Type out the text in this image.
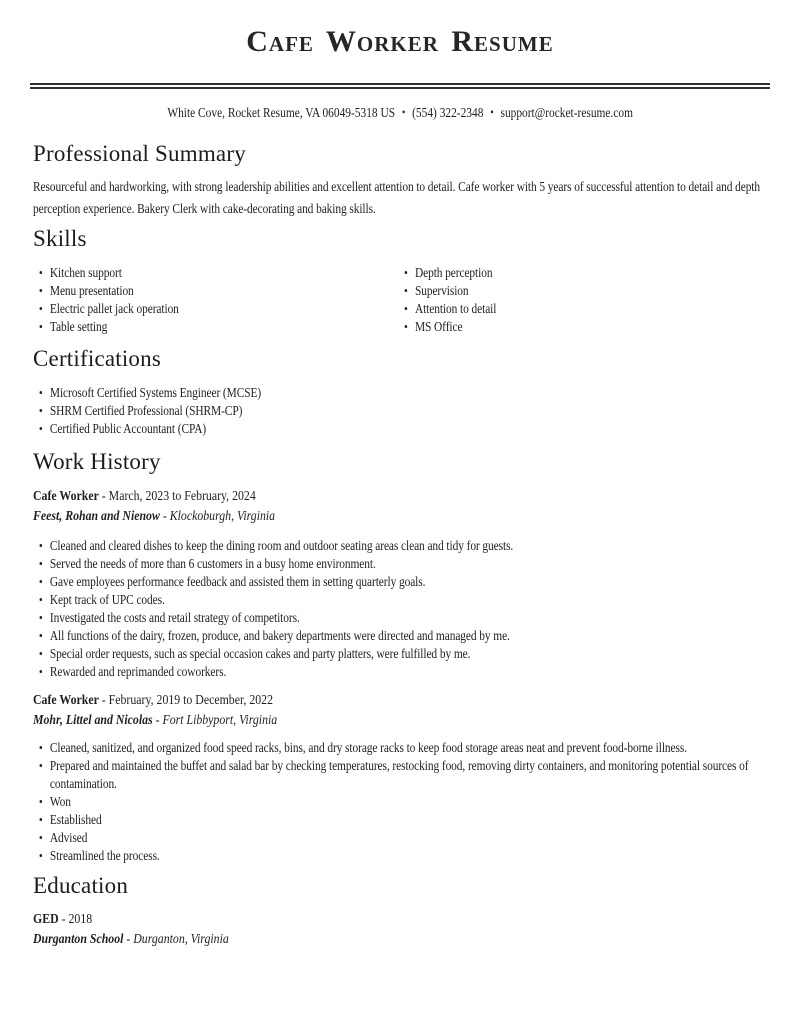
Cafe Worker Resume
White Cove, Rocket Resume, VA 06049-5318 US • (554) 322-2348 • support@rocket-resume.com
Professional Summary

Resourceful and hardworking, with strong leadership abilities and excellent attention to detail. Cafe worker with 5 years of successful attention to detail and depth perception experience. Bakery Clerk with cake-decorating and baking skills.

Skills
• Kitchen support
• Menu presentation
• Electric pallet jack operation
• Table setting
• Depth perception
• Supervision
• Attention to detail
• MS Office
Certifications
• Microsoft Certified Systems Engineer (MCSE)
• SHRM Certified Professional (SHRM-CP)
• Certified Public Accountant (CPA)
Work History
Cafe Worker - March, 2023 to February, 2024
Feest, Rohan and Nienow - Klockoburgh, Virginia
• Cleaned and cleared dishes to keep the dining room and outdoor seating areas clean and tidy for guests.
• Served the needs of more than 6 customers in a busy home environment.
• Gave employees performance feedback and assisted them in setting quarterly goals.
• Kept track of UPC codes.
• Investigated the costs and retail strategy of competitors.
• All functions of the dairy, frozen, produce, and bakery departments were directed and managed by me.
• Special order requests, such as special occasion cakes and party platters, were fulfilled by me.
• Rewarded and reprimanded coworkers.
Cafe Worker - February, 2019 to December, 2022
Mohr, Littel and Nicolas - Fort Libbyport, Virginia
• Cleaned, sanitized, and organized food speed racks, bins, and dry storage racks to keep food storage areas neat and prevent food-borne illness.
• Prepared and maintained the buffet and salad bar by checking temperatures, restocking food, removing dirty containers, and monitoring potential sources of contamination.
• Won
• Established
• Advised
• Streamlined the process.
Education
GED - 2018
Durganton School - Durganton, Virginia
